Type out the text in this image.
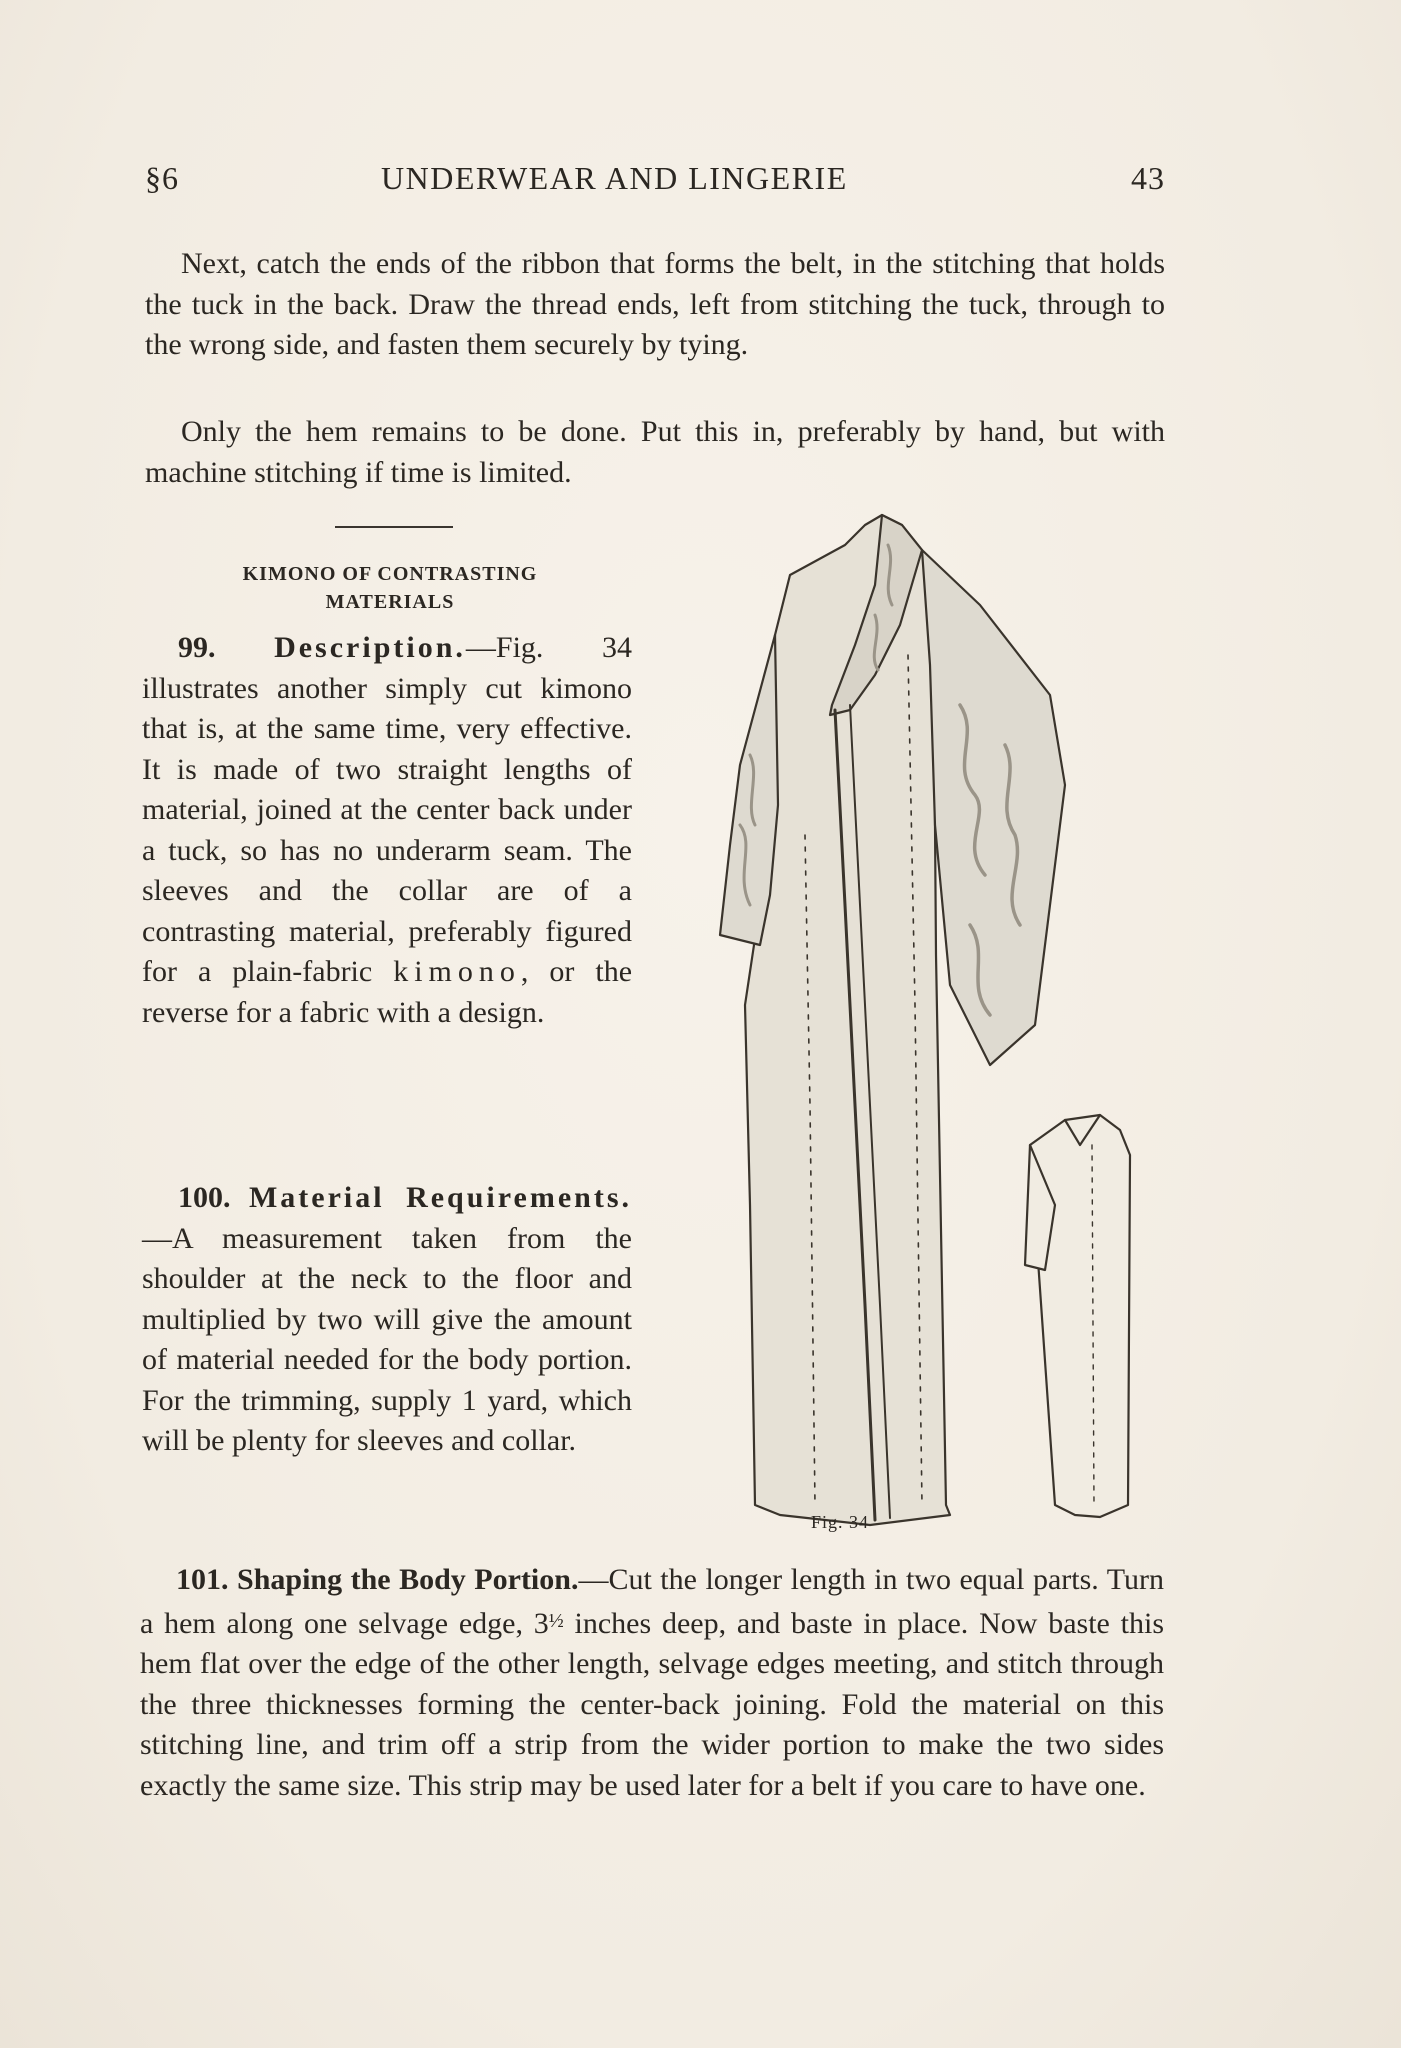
§6	UNDERWEAR AND LINGERIE	43

Next, catch the ends of the ribbon that forms the belt, in the stitching that holds the tuck in the back. Draw the thread ends, left from stitching the tuck, through to the wrong side, and fasten them securely by tying.

Only the hem remains to be done. Put this in, preferably by hand, but with machine stitching if time is limited.

KIMONO OF CONTRASTING
MATERIALS

99. Description.—Fig. 34 illustrates another simply cut kimono that is, at the same time, very effective. It is made of two straight lengths of material, joined at the center back under a tuck, so has no underarm seam. The sleeves and the collar are of a contrasting material, preferably figured for a plain-fabric kimono, or the reverse for a fabric with a design.

100. Material Requirements.—A measurement taken from the shoulder at the neck to the floor and multiplied by two will give the amount of material needed for the body portion. For the trimming, supply 1 yard, which will be plenty for sleeves and collar.

Fig. 34

101. Shaping the Body Portion.—Cut the longer length in two equal parts. Turn a hem along one selvage edge, $3^{\frac{1}{2}}$ inches deep, and baste in place. Now baste this hem flat over the edge of the other length, selvage edges meeting, and stitch through the three thicknesses forming the center-back joining. Fold the material on this stitching line, and trim off a strip from the wider portion to make the two sides exactly the same size. This strip may be used later for a belt if you care to have one.
